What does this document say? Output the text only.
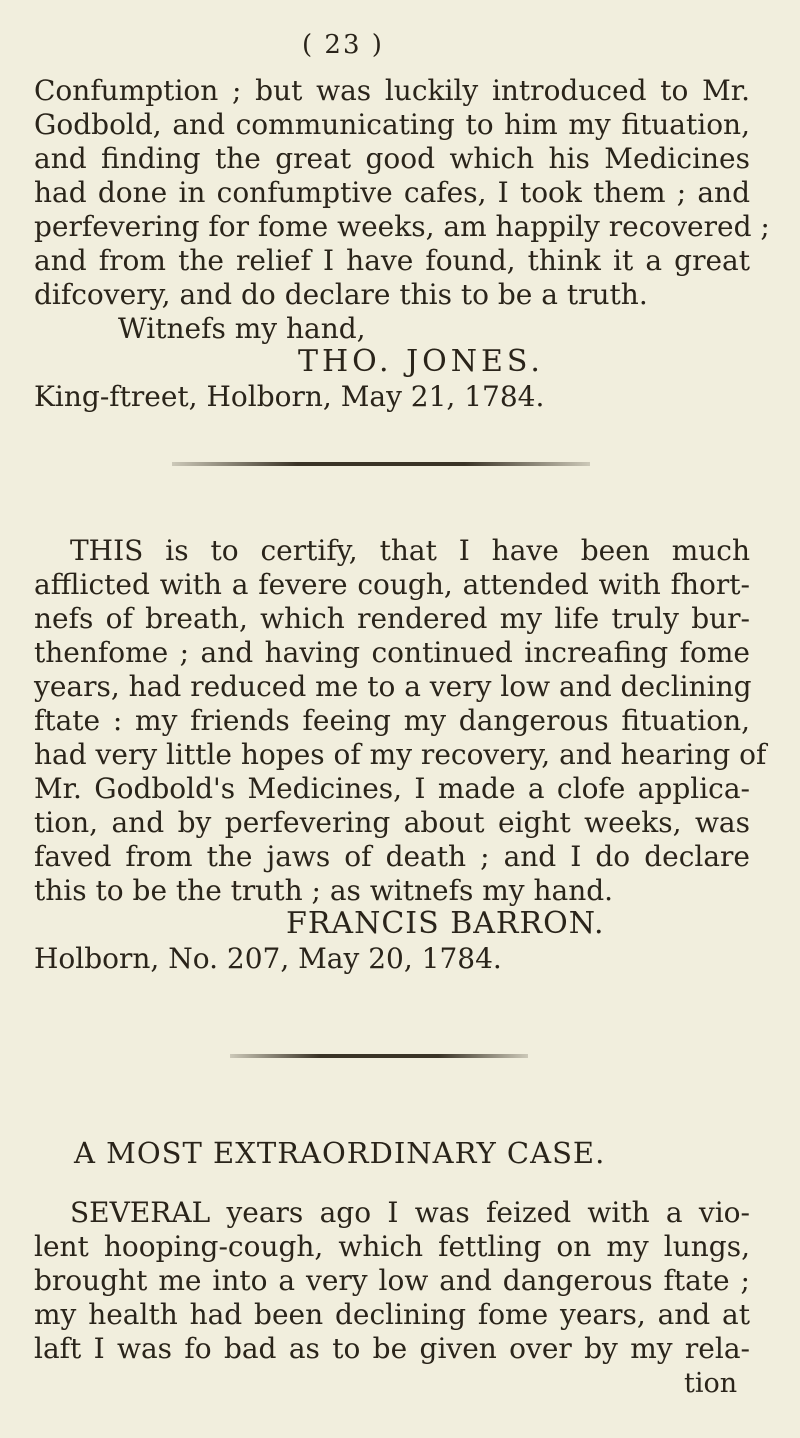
( 23 )
Confumption ; but was luckily introduced to Mr.
Godbold, and communicating to him my fituation,
and finding the great good which his Medicines
had done in confumptive cafes, I took them ; and
perfevering for fome weeks, am happily recovered ;
and from the relief I have found, think it a great
difcovery, and do declare this to be a truth.
Witnefs my hand,
THO. JONES.
King-ftreet, Holborn, May 21, 1784.
THIS is to certify, that I have been much
afflicted with a fevere cough, attended with fhort-
nefs of breath, which rendered my life truly bur-
thenfome ; and having continued increafing fome
years, had reduced me to a very low and declining
ftate : my friends feeing my dangerous fituation,
had very little hopes of my recovery, and hearing of
Mr. Godbold's Medicines, I made a clofe applica-
tion, and by perfevering about eight weeks, was
faved from the jaws of death ; and I do declare
this to be the truth ; as witnefs my hand.
FRANCIS BARRON.
Holborn, No. 207, May 20, 1784.
A MOST EXTRAORDINARY CASE.
SEVERAL years ago I was feized with a vio-
lent hooping-cough, which fettling on my lungs,
brought me into a very low and dangerous ftate ;
my health had been declining fome years, and at
laft I was fo bad as to be given over by my rela-
tion
